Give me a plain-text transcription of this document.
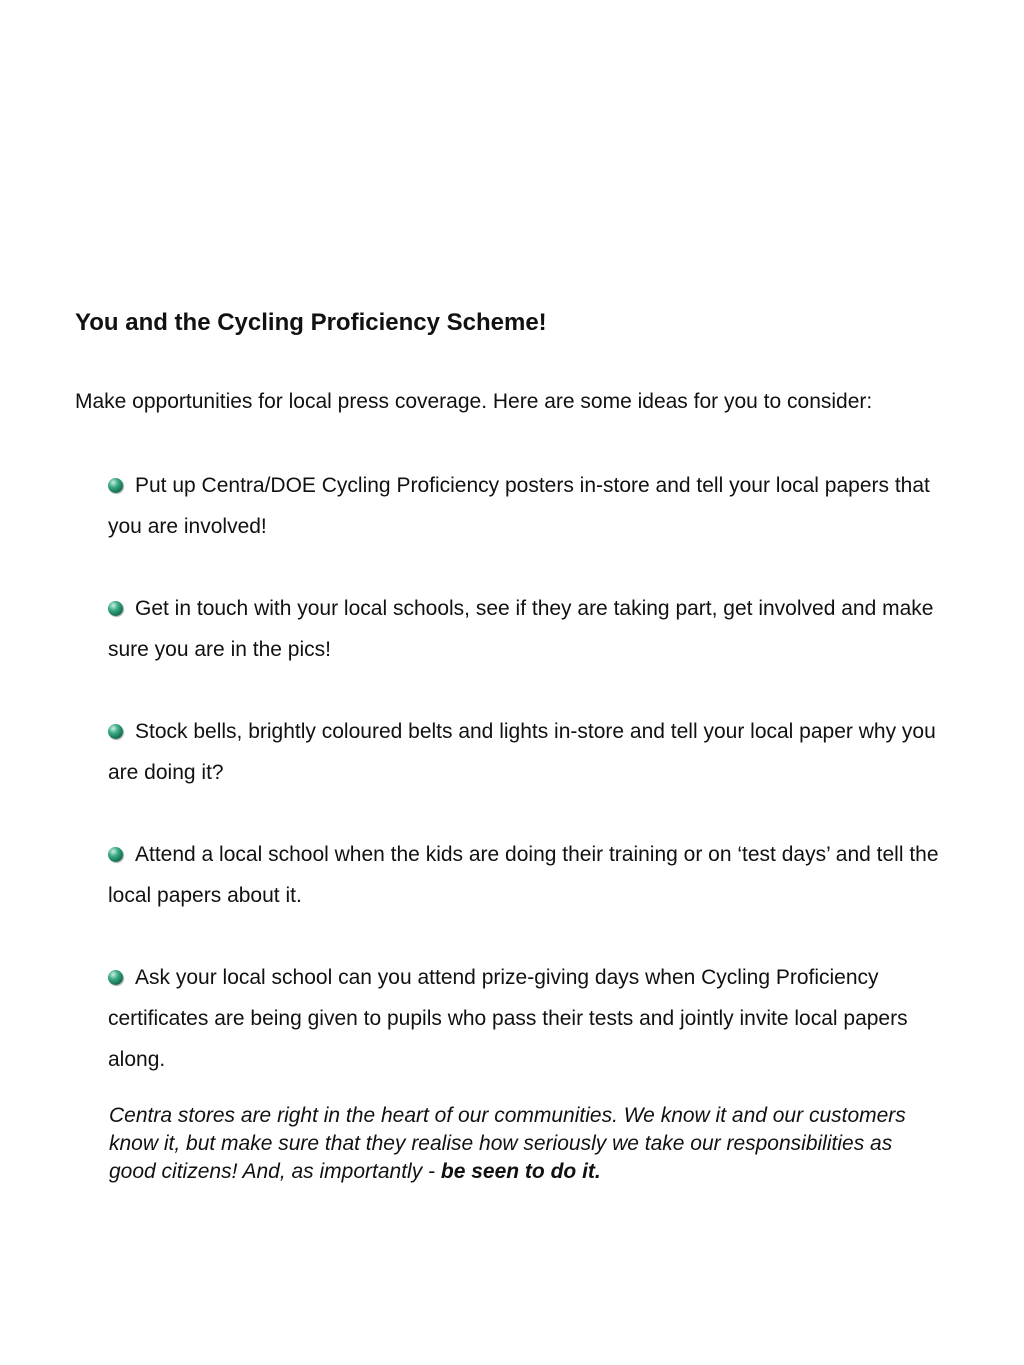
You and the Cycling Proficiency Scheme!

Make opportunities for local press coverage. Here are some ideas for you to consider:

Put up Centra/DOE Cycling Proficiency posters in-store and tell your local papers that you are involved!
Get in touch with your local schools, see if they are taking part, get involved and make sure you are in the pics!
Stock bells, brightly coloured belts and lights in-store and tell your local paper why you are doing it?
Attend a local school when the kids are doing their training or on ‘test days’ and tell the local papers about it.
Ask your local school can you attend prize-giving days when Cycling Proficiency certificates are being given to pupils who pass their tests and jointly invite local papers along.

Centra stores are right in the heart of our communities. We know it and our customers know it, but make sure that they realise how seriously we take our responsibilities as good citizens! And, as importantly - be seen to do it.
